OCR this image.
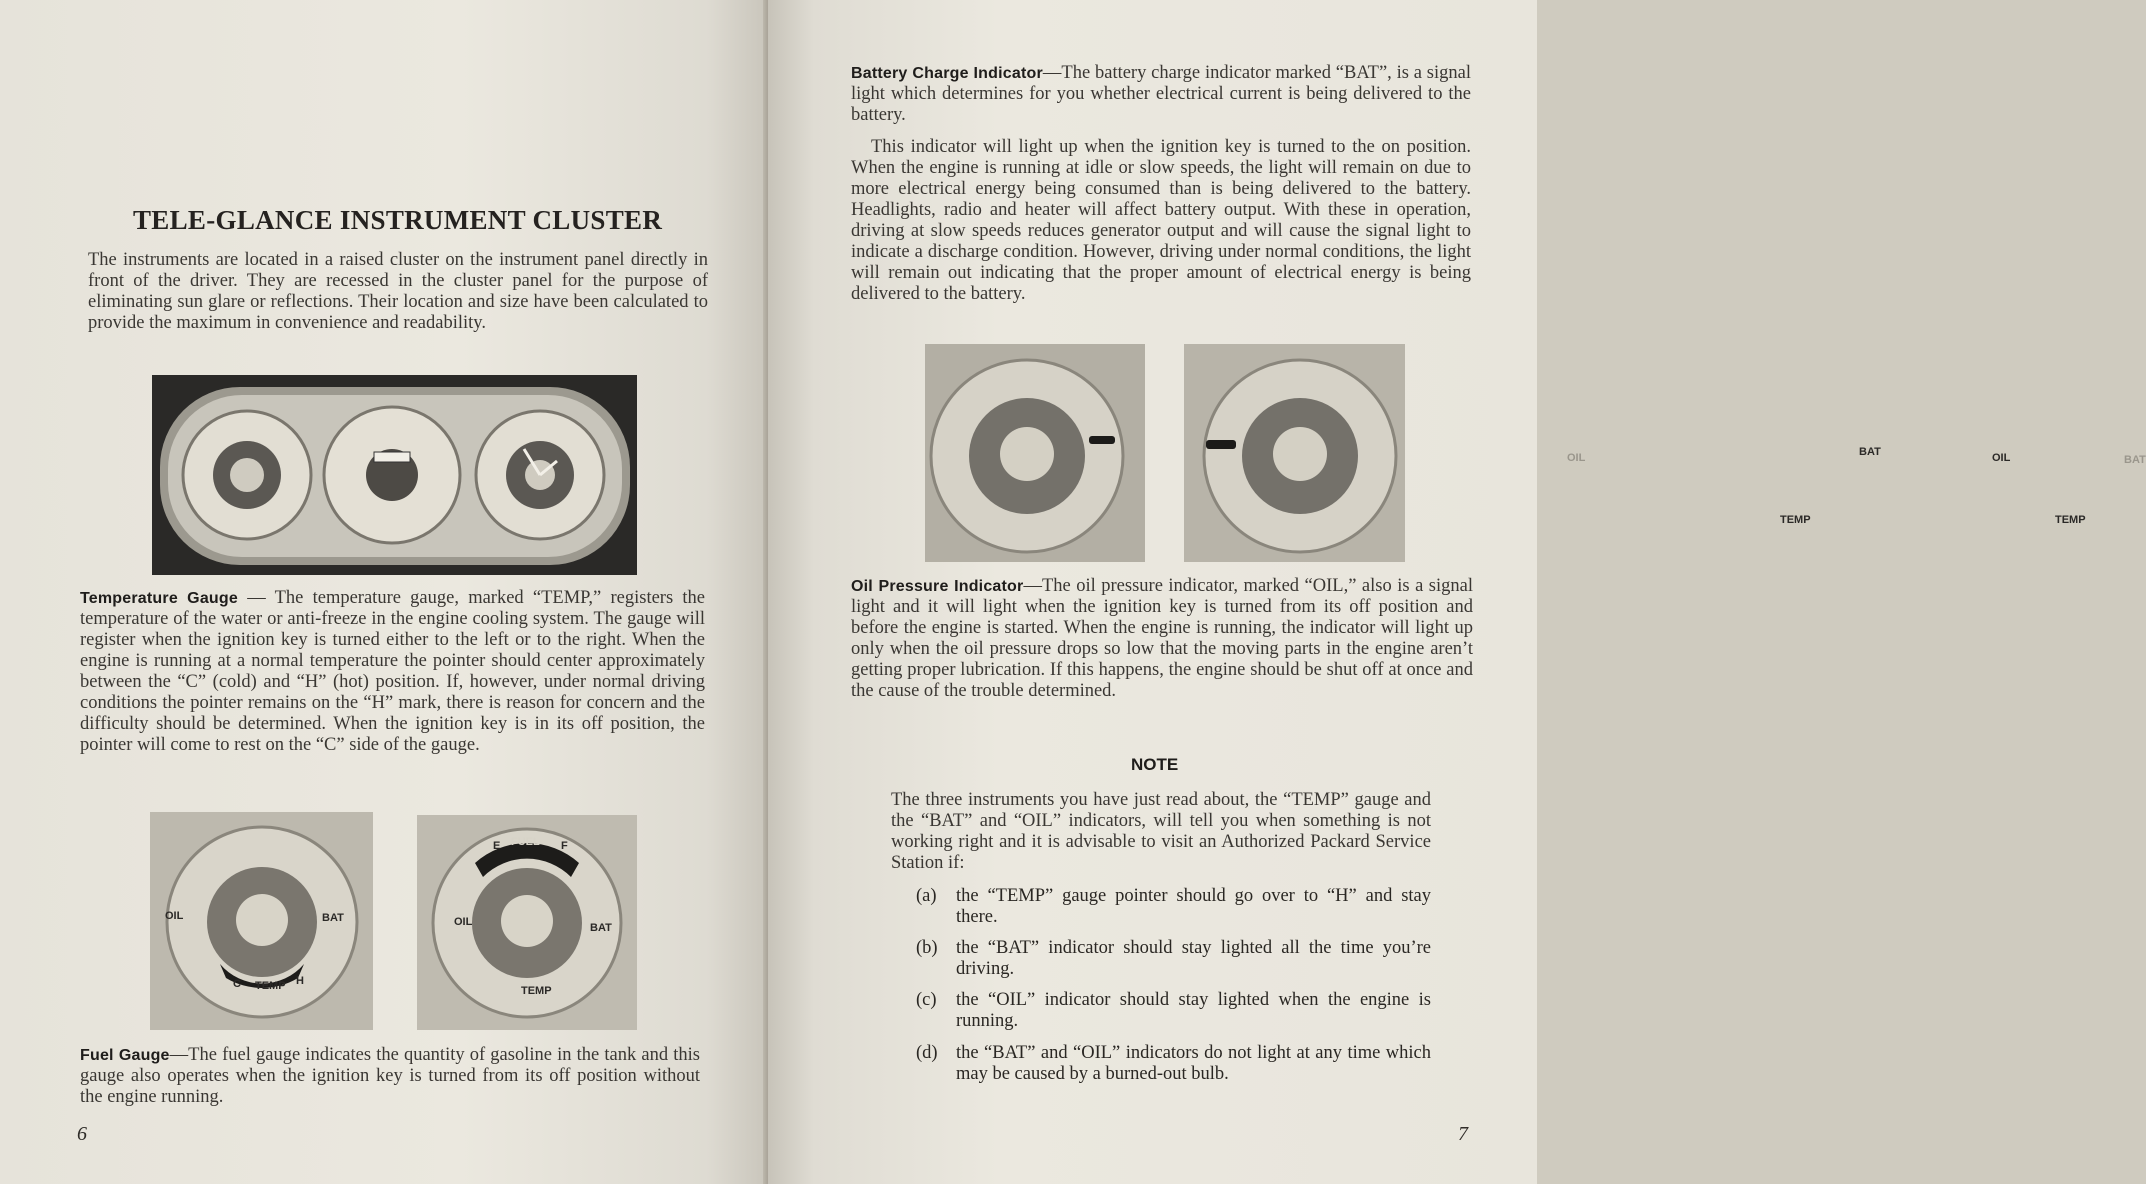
TELE-GLANCE INSTRUMENT CLUSTER
The instruments are located in a raised cluster on the instrument panel directly in front of the driver. They are recessed in the cluster panel for the purpose of eliminating sun glare or reflections. Their location and size have been calculated to provide the maximum in convenience and readability.
Temperature Gauge — The temperature gauge, marked “TEMP,” registers the temperature of the water or anti-freeze in the engine cooling system. The gauge will register when the ignition key is turned either to the left or to the right. When the engine is running at a normal temperature the pointer should center approximately between the “C” (cold) and “H” (hot) position. If, however, under normal driving conditions the pointer remains on the “H” mark, there is reason for concern and the difficulty should be determined. When the ignition key is in its off position, the pointer will come to rest on the “C” side of the gauge.
OIL	BAT
C TEMP H
E FUEL F
OIL	BAT
TEMP
Fuel Gauge—The fuel gauge indicates the quantity of gasoline in the tank and this gauge also operates when the ignition key is turned from its off position without the engine running.
6
Battery Charge Indicator—The battery charge indicator marked “BAT”, is a signal light which determines for you whether electrical current is being delivered to the battery.
This indicator will light up when the ignition key is turned to the on position. When the engine is running at idle or slow speeds, the light will remain on due to more electrical energy being consumed than is being delivered to the battery. Headlights, radio and heater will affect battery output. With these in operation, driving at slow speeds reduces generator output and will cause the signal light to indicate a discharge condition. However, driving under normal conditions, the light will remain out indicating that the proper amount of electrical energy is being delivered to the battery.
OIL	BAT
TEMP
OIL	BAT
TEMP
Oil Pressure Indicator—The oil pressure indicator, marked “OIL,” also is a signal light and it will light when the ignition key is turned from its off position and before the engine is started. When the engine is running, the indicator will light up only when the oil pressure drops so low that the moving parts in the engine aren’t getting proper lubrication. If this happens, the engine should be shut off at once and the cause of the trouble determined.
The three instruments you have just read about, the “TEMP” gauge and the “BAT” and “OIL” indicators, will tell you when something is not working right and it is advisable to visit an Authorized Packard Service Station if:
(a)	the “TEMP” gauge pointer should go over to “H” and stay there.
(b) the “BAT” indicator should stay lighted all the time you’re driving.
(c)	the “OIL” indicator should stay lighted when the engine is running.
(d) the “BAT” and “OIL” indicators do not light at any time which may be caused by a burned-out bulb.
7
NOTE
